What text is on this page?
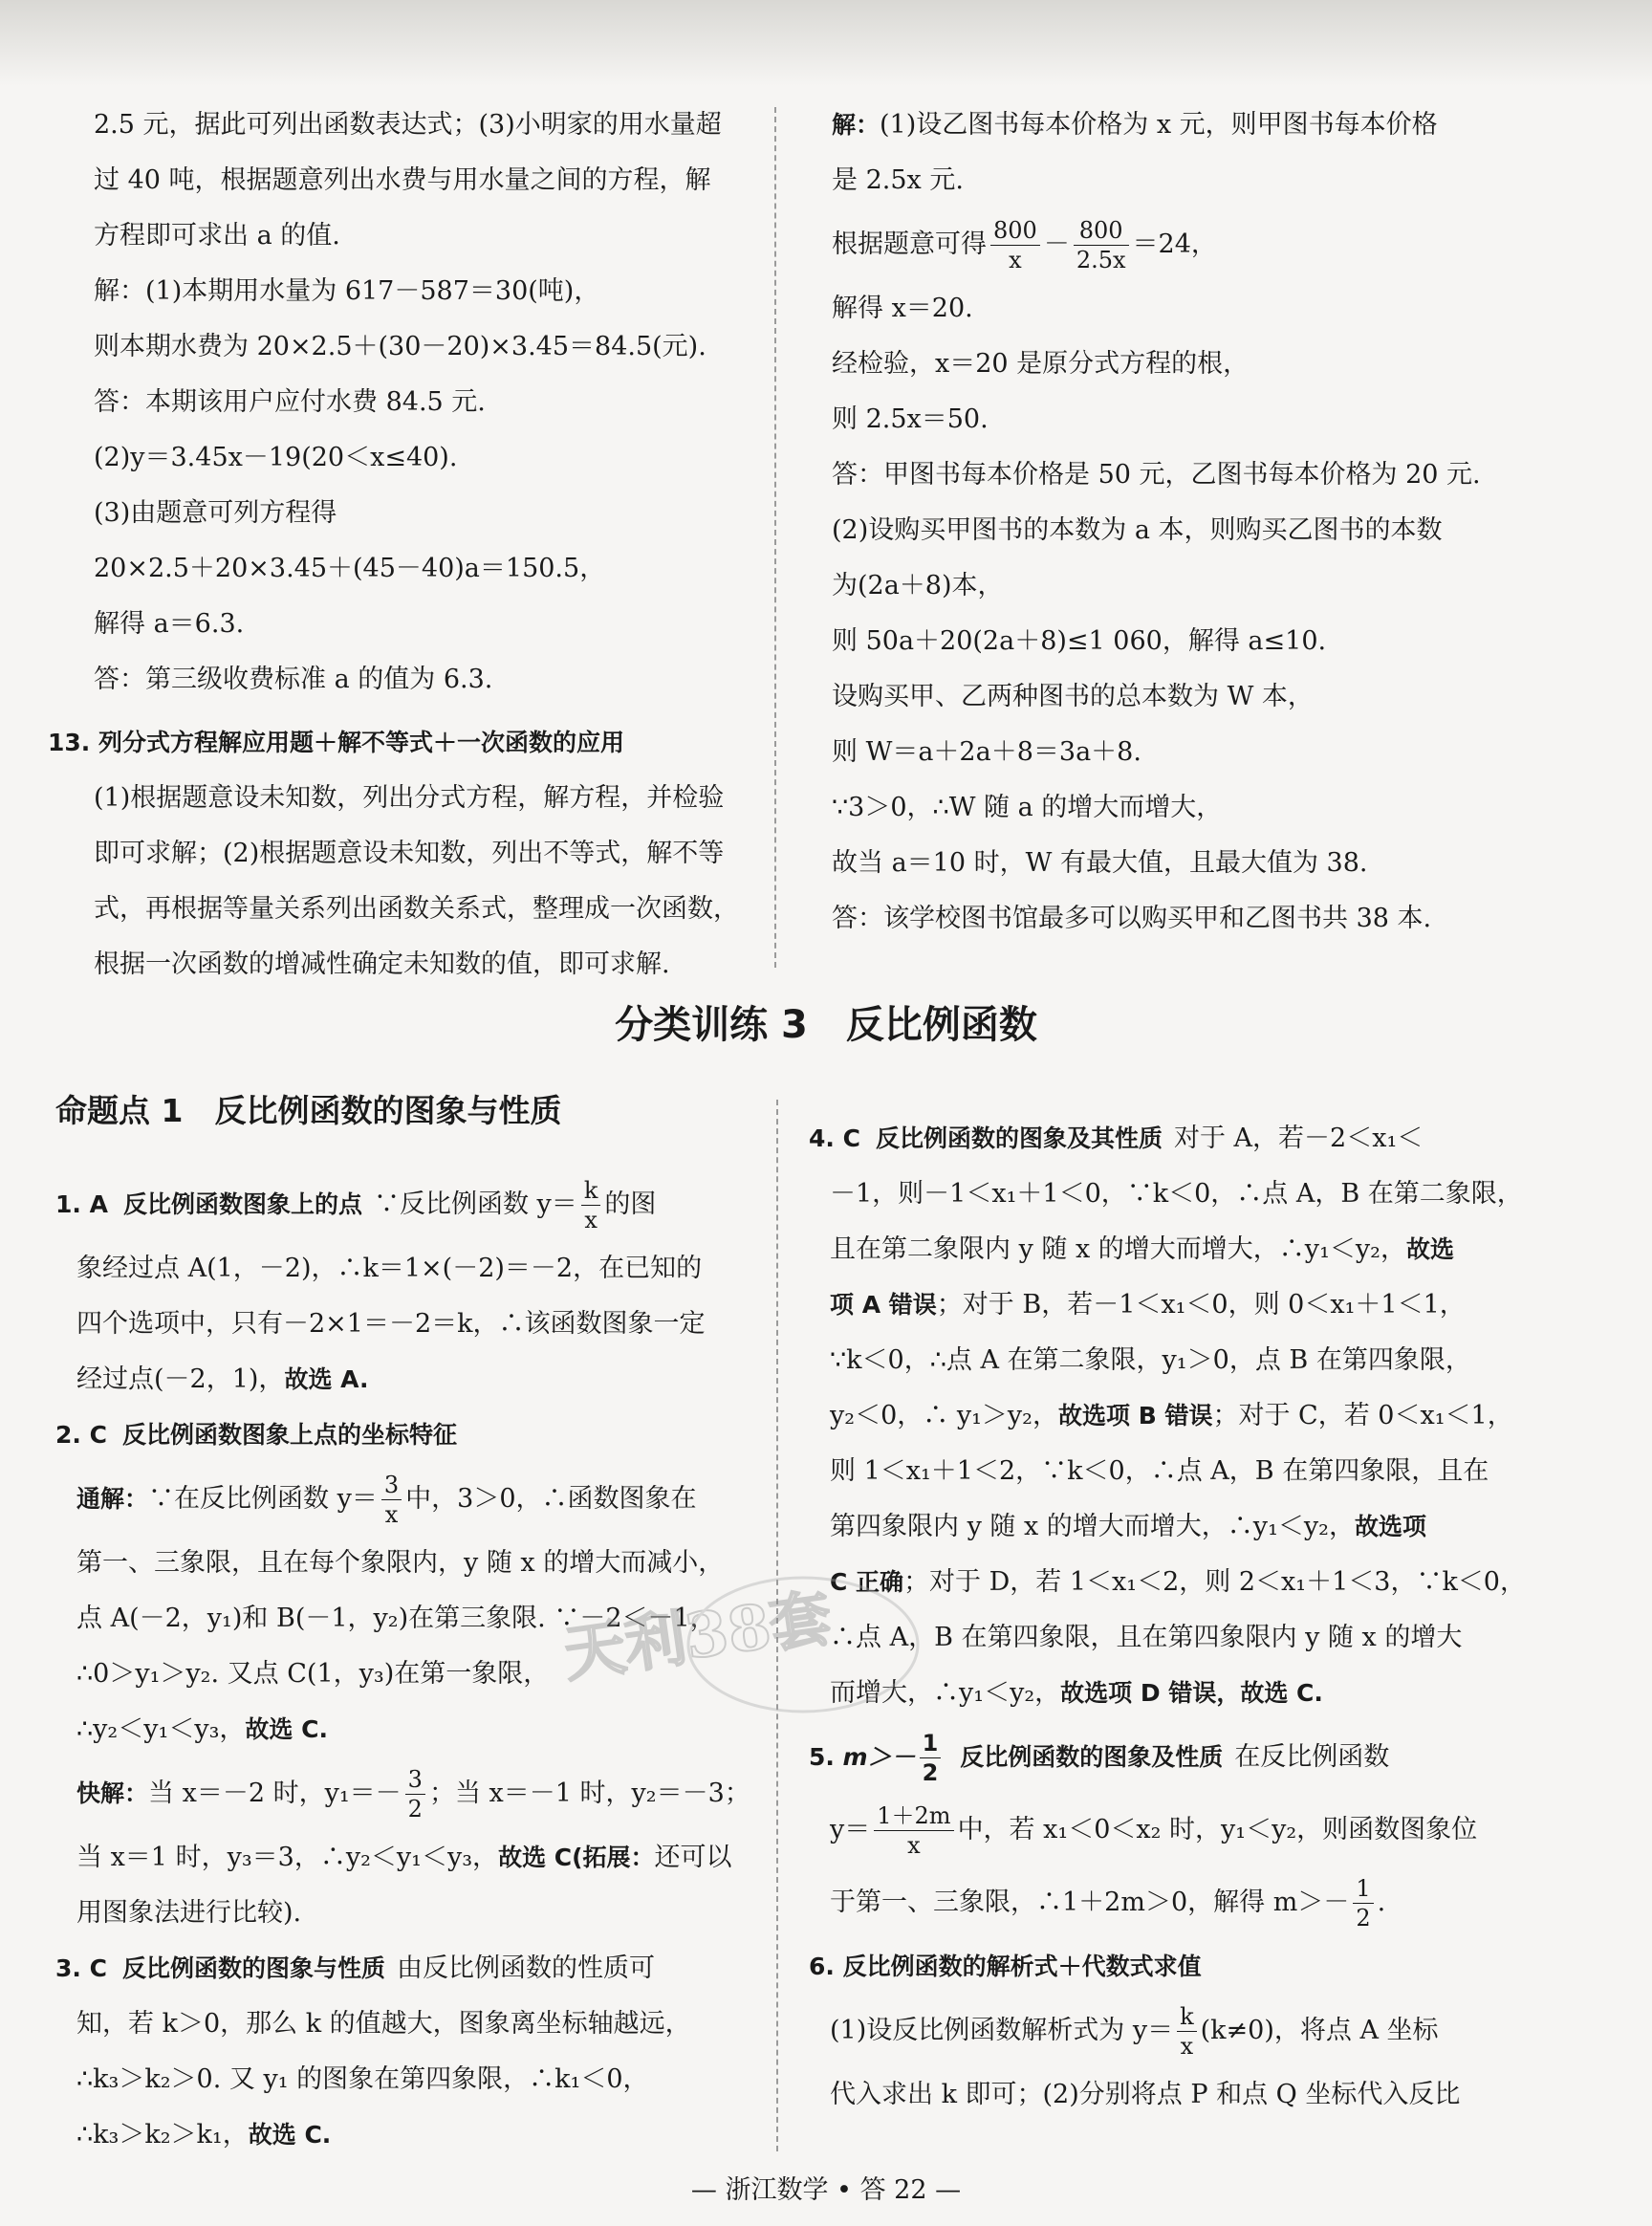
2.5 元，据此可列出函数表达式；(3)小明家的用水量超
过 40 吨，根据题意列出水费与用水量之间的方程，解
方程即可求出 a 的值.
解：(1)本期用水量为 617－587＝30(吨)，
则本期水费为 20×2.5＋(30－20)×3.45＝84.5(元).
答：本期该用户应付水费 84.5 元.
(2)y＝3.45x－19(20＜x≤40).
(3)由题意可列方程得
20×2.5＋20×3.45＋(45－40)a＝150.5，
解得 a＝6.3.
答：第三级收费标准 a 的值为 6.3.
13. 列分式方程解应用题＋解不等式＋一次函数的应用
(1)根据题意设未知数，列出分式方程，解方程，并检验
即可求解；(2)根据题意设未知数，列出不等式，解不等
式，再根据等量关系列出函数关系式，整理成一次函数，
根据一次函数的增减性确定未知数的值，即可求解.
解：(1)设乙图书每本价格为 x 元，则甲图书每本价格
是 2.5x 元.
根据题意可得 $\frac{800}{x} - \frac{800}{2.5x} =24$，
解得 x＝20.
经检验，x＝20 是原分式方程的根，
则 2.5x＝50.
答：甲图书每本价格是 50 元，乙图书每本价格为 20 元.
(2)设购买甲图书的本数为 a 本，则购买乙图书的本数
为(2a＋8)本，
则 50a＋20(2a＋8)≤1 060，解得 a≤10.
设购买甲、乙两种图书的总本数为 W 本，
则 W＝a＋2a＋8＝3a＋8.
∵3＞0，∴W 随 a 的增大而增大，
故当 a＝10 时，W 有最大值，且最大值为 38.
答：该学校图书馆最多可以购买甲和乙图书共 38 本.
分类训练 3　反比例函数
命题点 1　反比例函数的图象与性质
1. A 反比例函数图象上的点 ∵反比例函数 $y= \frac{k}{x}$ 的图
象经过点 A(1，－2)，∴k＝1×(－2)＝－2，在已知的
四个选项中，只有－2×1＝－2＝k，∴该函数图象一定
经过点(－2，1)，故选 A.
2. C 反比例函数图象上点的坐标特征
通解：∵在反比例函数 $y= \frac{3}{x}$ 中，3＞0，∴函数图象在
第一、三象限，且在每个象限内，y 随 x 的增大而减小，
点 A(－2，y₁)和 B(－1，y₂)在第三象限. ∵－2＜－1，
∴0＞y₁＞y₂. 又点 C(1，y₃)在第一象限，
∴y₂＜y₁＜y₃，故选 C.
快解：当 x＝－2 时，$y_1=- \frac{3}{2}$ ；当 x＝－1 时，y₂＝－3；
当 x＝1 时，y₃＝3，∴y₂＜y₁＜y₃，故选 C(拓展：还可以
用图象法进行比较).
3. C 反比例函数的图象与性质 由反比例函数的性质可
知，若 k＞0，那么 k 的值越大，图象离坐标轴越远，
∴k₃＞k₂＞0. 又 y₁ 的图象在第四象限，∴k₁＜0，
∴k₃＞k₂＞k₁，故选 C.
4. C 反比例函数的图象及其性质 对于 A，若－2＜x₁＜
－1，则－1＜x₁＋1＜0，∵k＜0，∴点 A，B 在第二象限，
且在第二象限内 y 随 x 的增大而增大，∴y₁＜y₂，故选
项 A 错误；对于 B，若－1＜x₁＜0，则 0＜x₁＋1＜1，
∵k＜0，∴点 A 在第二象限，y₁＞0，点 B 在第四象限，
y₂＜0，∴ y₁＞y₂，故选项 B 错误；对于 C，若 0＜x₁＜1，
则 1＜x₁＋1＜2，∵k＜0，∴点 A，B 在第四象限，且在
第四象限内 y 随 x 的增大而增大，∴y₁＜y₂，故选项
C 正确；对于 D，若 1＜x₁＜2，则 2＜x₁＋1＜3，∵k＜0，
∴点 A，B 在第四象限，且在第四象限内 y 随 x 的增大
而增大，∴y₁＜y₂，故选项 D 错误，故选 C.
5. $m>- \frac{1}{2}$ 反比例函数的图象及性质 在反比例函数
$y= \frac{1+2m}{x}$ 中，若 x₁＜0＜x₂ 时，y₁＜y₂，则函数图象位
于第一、三象限，∴1＋2m＞0，解得 $m>- \frac{1}{2}$ .
6. 反比例函数的解析式＋代数式求值
(1)设反比例函数解析式为 $y= \frac{k}{x} (k\ne 0)$，将点 A 坐标
代入求出 k 即可；(2)分别将点 P 和点 Q 坐标代入反比
天利38套
— 浙江数学 • 答 22 —
